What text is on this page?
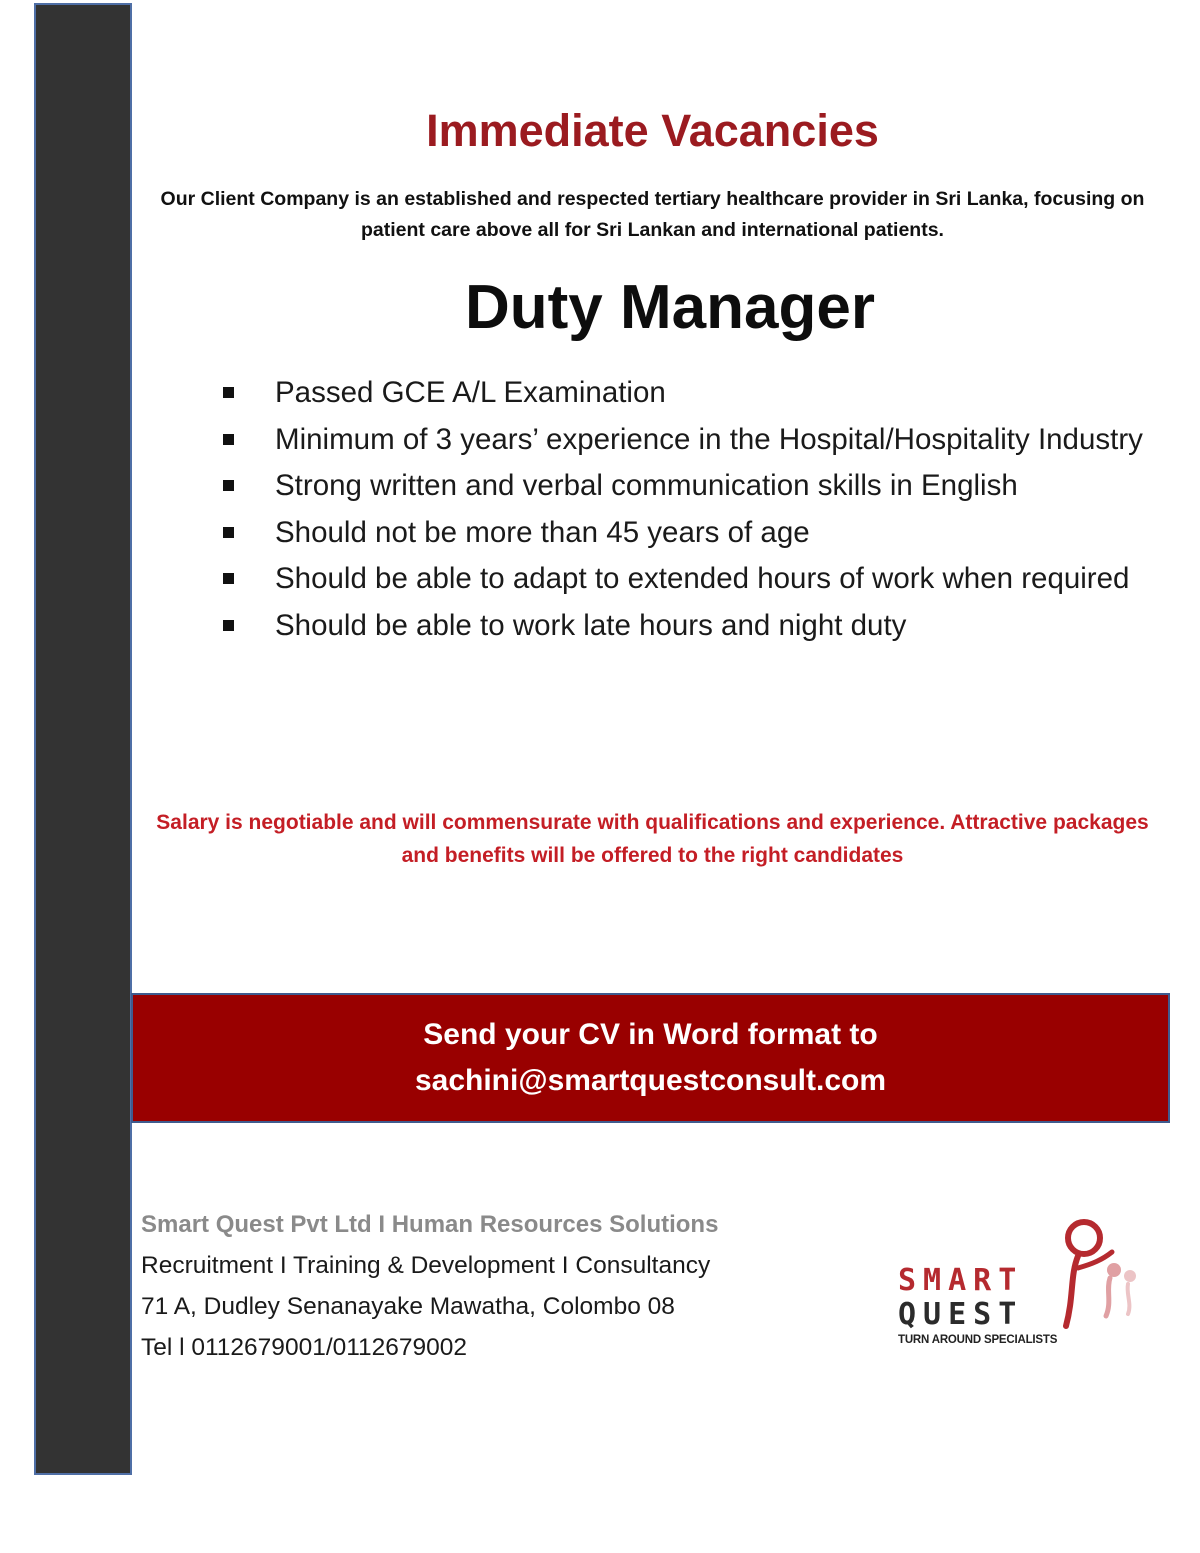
Immediate Vacancies

Our Client Company is an established and respected tertiary healthcare provider in Sri Lanka, focusing on patient care above all for Sri Lankan and international patients.

Duty Manager
Passed GCE A/L Examination
Minimum of 3 years’ experience in the Hospital/Hospitality Industry
Strong written and verbal communication skills in English
Should not be more than 45 years of age
Should be able to adapt to extended hours of work when required
Should be able to work late hours and night duty

Salary is negotiable and will commensurate with qualifications and experience. Attractive packages and benefits will be offered to the right candidates

Send your CV in Word format to
sachini@smartquestconsult.com
Smart Quest Pvt Ltd I Human Resources Solutions
Recruitment I Training & Development I Consultancy
71 A, Dudley Senanayake Mawatha, Colombo 08
Tel l 0112679001/0112679002
SMART
QUEST
TURN AROUND SPECIALISTS
